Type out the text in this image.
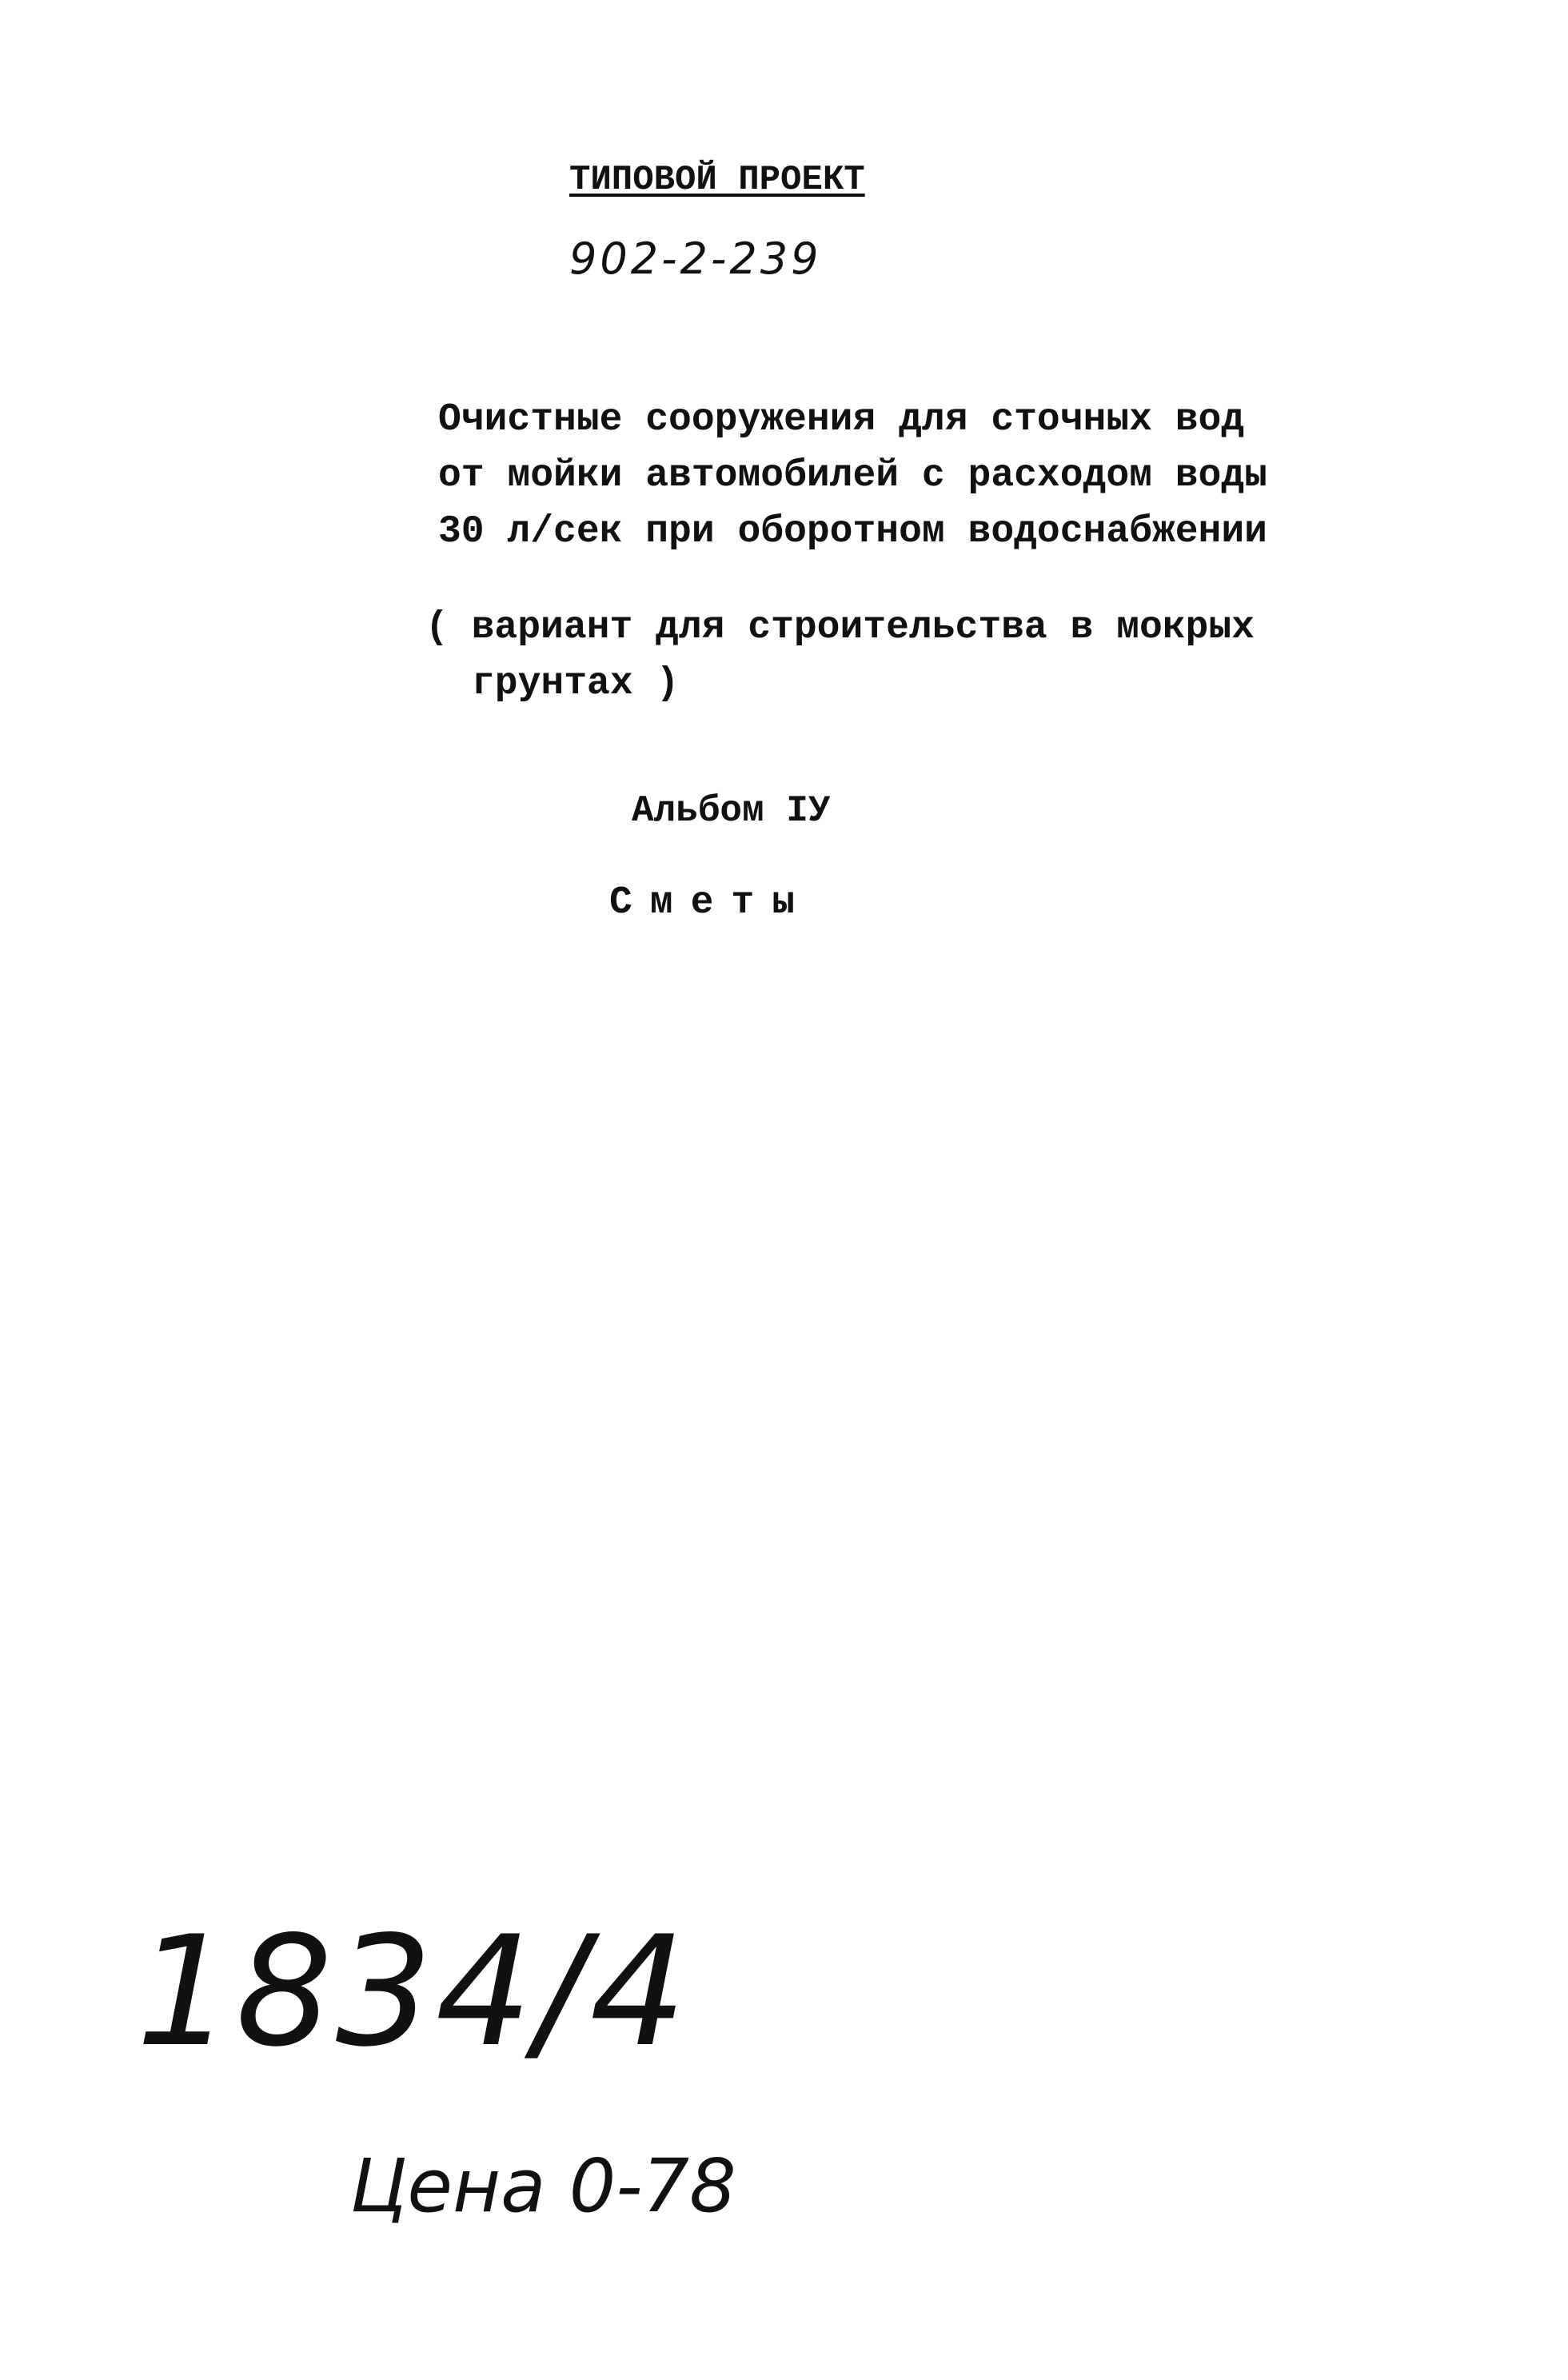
ТИПОВОЙ ПРОЕКТ
902-2-239
Очистные сооружения для сточных вод
от мойки автомобилей с расходом воды
30 л/сек при оборотном водоснабжении
( вариант для строительства в мокрых
грунтах )
Альбом IУ
Сметы
1834/4
Цена 0-78
